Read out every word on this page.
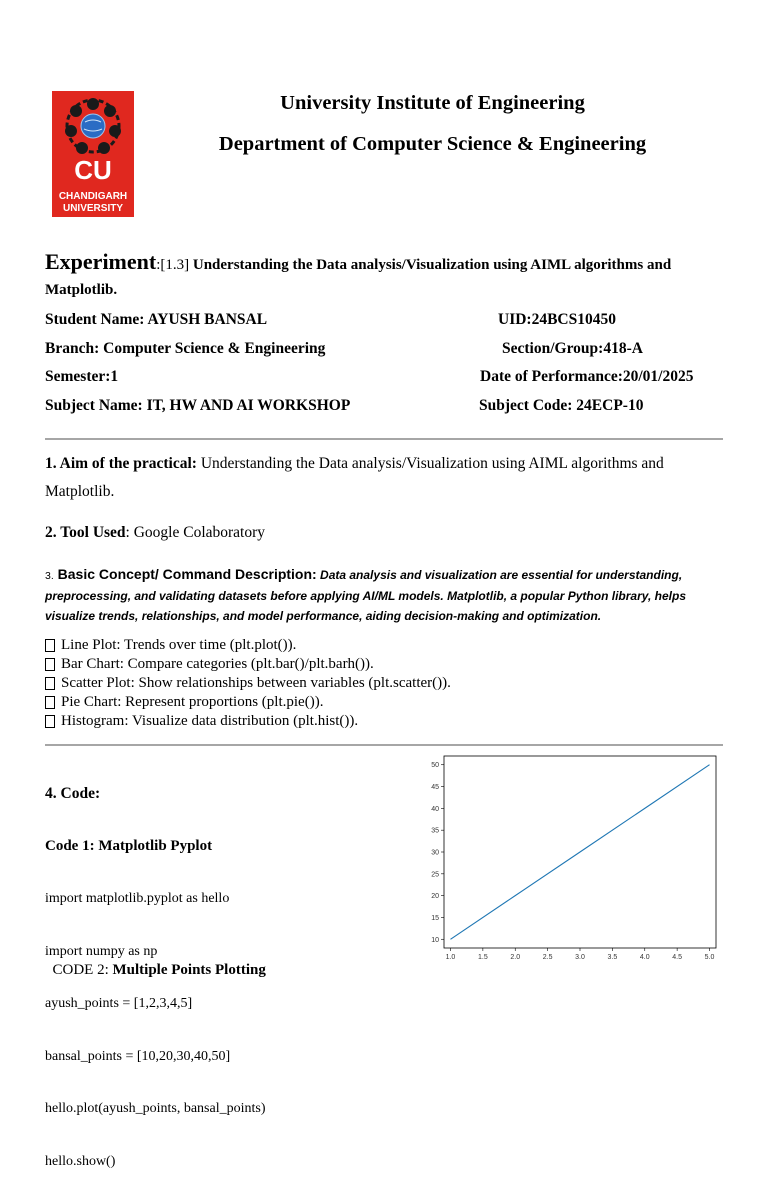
CU
CHANDIGARH
UNIVERSITY
University Institute of Engineering
Department of Computer Science & Engineering
Experiment:[1.3] Understanding the Data analysis/Visualization using AIML algorithms and Matplotlib.
Student Name: AYUSH BANSAL	UID:24BCS10450
Branch: Computer Science & Engineering	Section/Group:418-A
Semester:1	Date of Performance:20/01/2025
Subject Name: IT, HW AND AI WORKSHOP	Subject Code: 24ECP-10
1. Aim of the practical: Understanding the Data analysis/Visualization using AIML algorithms and Matplotlib.
2. Tool Used: Google Colaboratory
3. Basic Concept/ Command Description: Data analysis and visualization are essential for understanding, preprocessing, and validating datasets before applying AI/ML models. Matplotlib, a popular Python library, helps visualize trends, relationships, and model performance, aiding decision-making and optimization.
Line Plot: Trends over time (plt.plot()).
Bar Chart: Compare categories (plt.bar()/plt.barh()).
Scatter Plot: Show relationships between variables (plt.scatter()).
Pie Chart: Represent proportions (plt.pie()).
Histogram: Visualize data distribution (plt.hist()).

4. Code:

Code 1: Matplotlib Pyplot

import matplotlib.pyplot as hello

import numpy as np

ayush_points = [1,2,3,4,5]

bansal_points = [10,20,30,40,50]

hello.plot(ayush_points, bansal_points)

hello.show()

CODE 2: Multiple Points Plotting

1.0	1.5	2.0	2.5	3.0	3.5	4.0	4.5	5.0
10
15
20
25
30
35
40
45
50
